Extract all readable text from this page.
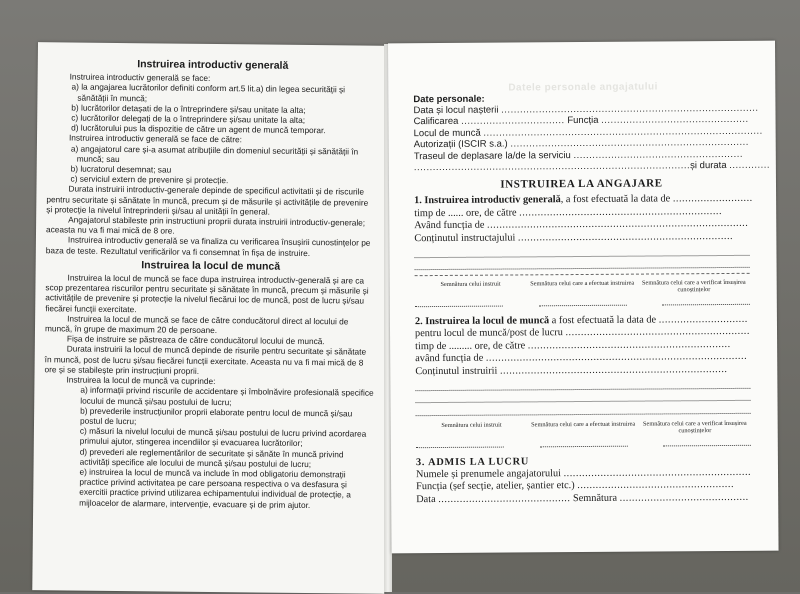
Instruirea introductiv generală

Instruirea introductiv generală se face:

a) la angajarea lucrătorilor definiti conform art.5 lit.a) din legea securității și sănătății în muncă;

b) lucrătorilor detașati de la o întreprindere și/sau unitate la alta;

c) lucrătorilor delegați de la o întreprindere și/sau unitate la alta;

d) lucrătorului pus la dispozitie de către un agent de muncă temporar.

Instruirea introductiv generală se face de către:

a) angajatorul care și-a asumat atribuțiile din domeniul securității și sănătății în muncă; sau

b) lucratorul desemnat; sau

c) serviciul extern de prevenire și protecție.

Durata instruirii introductiv-generale depinde de specificul activitatii și de riscurile pentru securitate și sănătate în muncă, precum și de măsurile și activitățile de prevenire și protecție la nivelul întreprinderii și/sau al unității în general.

Angajatorul stabileste prin instructiuni proprii durata instruirii introductiv-generale; aceasta nu va fi mai mică de 8 ore.

Instruirea introductiv generală se va finaliza cu verificarea însușirii cunostințelor pe baza de teste. Rezultatul verificărilor va fi consemnat în fișa de instruire.

Instruirea la locul de muncă

Instruirea la locul de muncă se face dupa instruirea introductiv-generală și are ca scop prezentarea riscurilor pentru securitate și sănătate în muncă, precum și măsurile și activitățile de prevenire și protecție la nivelul fiecărui loc de muncă, post de lucru și/sau fiecărei funcții exercitate.

Instruirea la locul de muncă se face de către conducătorul direct al locului de muncă, în grupe de maximum 20 de persoane.

Fișa de instruire se păstreaza de către conducătorul locului de muncă.

Durata instruirii la locul de muncă depinde de risurile pentru securitate și sănătate în muncă, post de lucru și/sau fiecărei funcții exercitate. Aceasta nu va fi mai mică de 8 ore și se stabilește prin instrucțiuni proprii.

Instruirea la locul de muncă va cuprinde:

a) informații privind riscurile de accidentare și îmbolnăvire profesională specifice locului de muncă și/sau postului de lucru;

b) prevederile instrucțiunilor proprii elaborate pentru locul de muncă și/sau postul de lucru;

c) măsuri la nivelul locului de muncă și/sau postului de lucru privind acordarea primului ajutor, stingerea incendiilor și evacuarea lucrătorilor;

d) prevederi ale reglementărilor de securitate și sănăte în muncă privind activități specifice ale locului de muncă și/sau postului de lucru;

e) instruirea la locul de muncă va include în mod obligatoriu demonstrații practice privind activitatea pe care persoana respectiva o va desfasura și exercitii practice privind utilizarea echipamentului individual de protecție, a mijloacelor de alarmare, intervenție, evacuare și de prim ajutor.

Datele personale angajatului
Date personale:
Data și locul nașterii ..................................................................................
Calificarea ................................. Funcția ...............................................
Locul de muncă .........................................................................................
Autorizații (ISCIR s.a.) ............................................................................
Traseul de deplasare la/de la serviciu ......................................................
........................................................................................și durata .............
INSTRUIREA LA ANGAJARE
1. Instruirea introductiv generală, a fost efectuată la data de ..........................
timp de ...... ore, de către ..................................................................
Având funcția de .....................................................................................
Conținutul instructajului ......................................................................
Semnătura celui instruit	Semnătura celui care a efectuat instruirea	Semnătura celui care a verificat însușirea cunoștințelor
2. Instruirea la locul de muncă a fost efectuată la data de .............................
pentru locul de muncă/post de lucru ............................................................
timp de ......... ore, de către ..................................................................
având funcția de .....................................................................................
Conținutul instruirii ..........................................................................
Semnătura celui instruit	Semnătura celui care a efectuat instruirea	Semnătura celui care a verificat însușirea cunoștințelor
3. ADMIS LA LUCRU
Numele și prenumele angajatorului .............................................................
Funcția (șef secție, atelier, șantier etc.) ...................................................
Data ........................................... Semnătura ..........................................
